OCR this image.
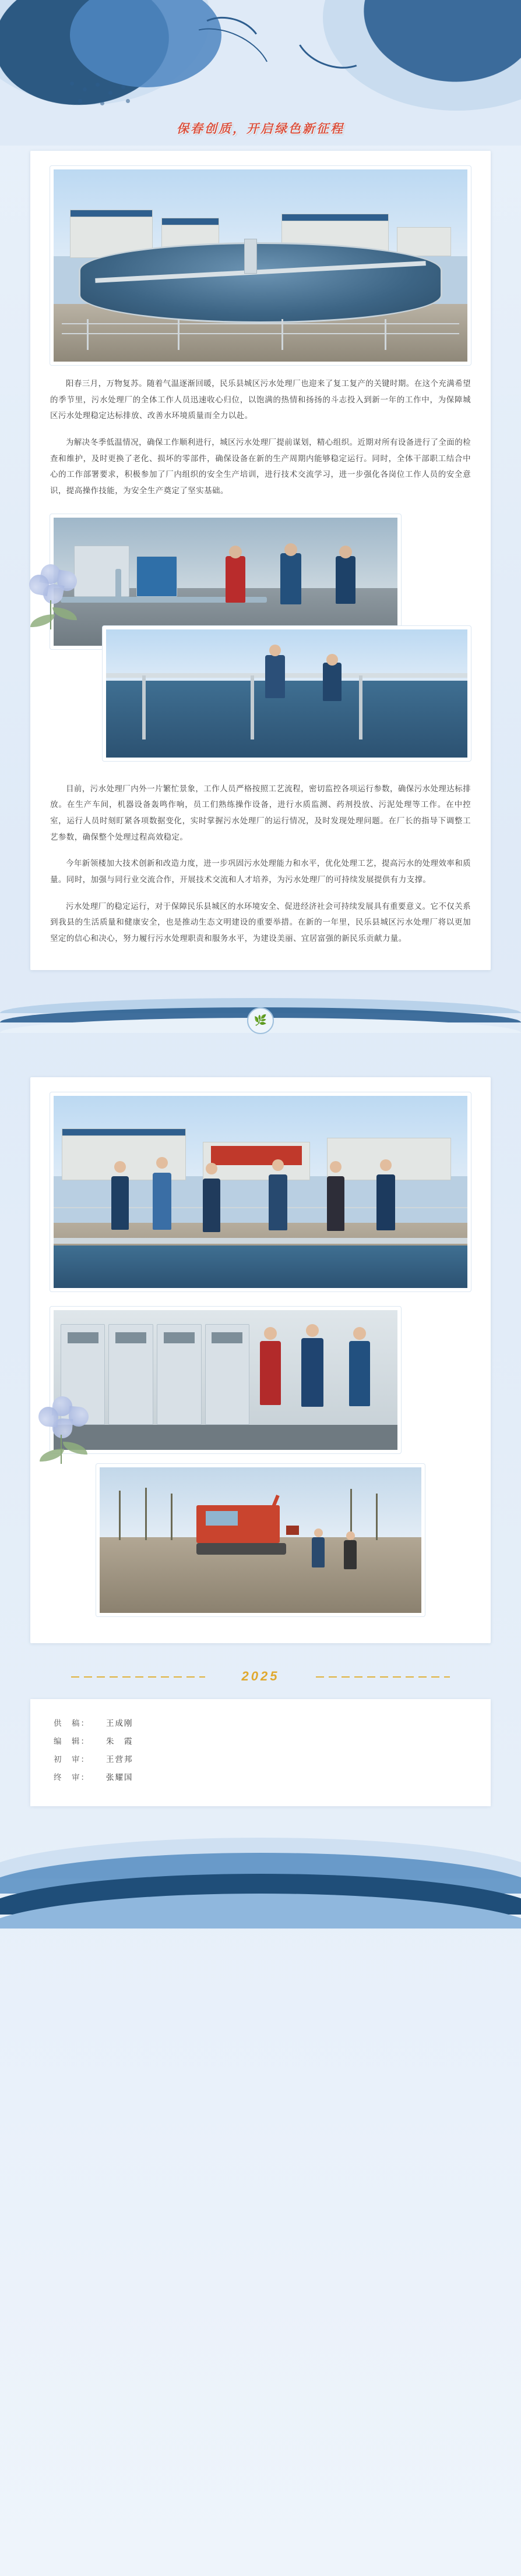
保春创质，开启绿色新征程

阳春三月，万物复苏。随着气温逐渐回暖，民乐县城区污水处理厂也迎来了复工复产的关键时期。在这个充满希望的季节里，污水处理厂的全体工作人员迅速收心归位，以饱满的热情和扬扬的斗志投入到新一年的工作中，为保障城区污水处理稳定达标排放、改善水环境质量而全力以赴。

为解决冬季低温情况，确保工作顺利进行，城区污水处理厂提前谋划，精心组织。近期对所有设备进行了全面的检查和维护，及时更换了老化、损坏的零部件，确保设备在新的生产周期内能够稳定运行。同时，全体干部职工结合中心的工作部署要求，积极参加了厂内组织的安全生产培训，进行技术交流学习，进一步强化各岗位工作人员的安全意识，提高操作技能，为安全生产奠定了坚实基础。

目前，污水处理厂内外一片繁忙景象，工作人员严格按照工艺流程，密切监控各项运行参数，确保污水处理达标排放。在生产车间，机器设备轰鸣作响，员工们熟练操作设备，进行水质监测、药剂投放、污泥处理等工作。在中控室，运行人员时刻盯紧各项数据变化，实时掌握污水处理厂的运行情况，及时发现处理问题。在厂长的指导下调整工艺参数，确保整个处理过程高效稳定。

今年新领楼加大技术创新和改造力度，进一步巩固污水处理能力和水平，优化处理工艺，提高污水的处理效率和质量。同时，加强与同行业交流合作，开展技术交流和人才培养，为污水处理厂的可持续发展提供有力支撑。

污水处理厂的稳定运行，对于保障民乐县城区的水环境安全、促进经济社会可持续发展具有重要意义。它不仅关系到我县的生活质量和健康安全，也是推动生态文明建设的重要举措。在新的一年里，民乐县城区污水处理厂将以更加坚定的信心和决心，努力履行污水处理职责和服务水平，为建设美丽、宜居富强的新民乐贡献力量。

🌿
2025
供　稿：	王成刚
编　辑：	朱　霞
初　审：	王营邦
终　审：	张耀国
